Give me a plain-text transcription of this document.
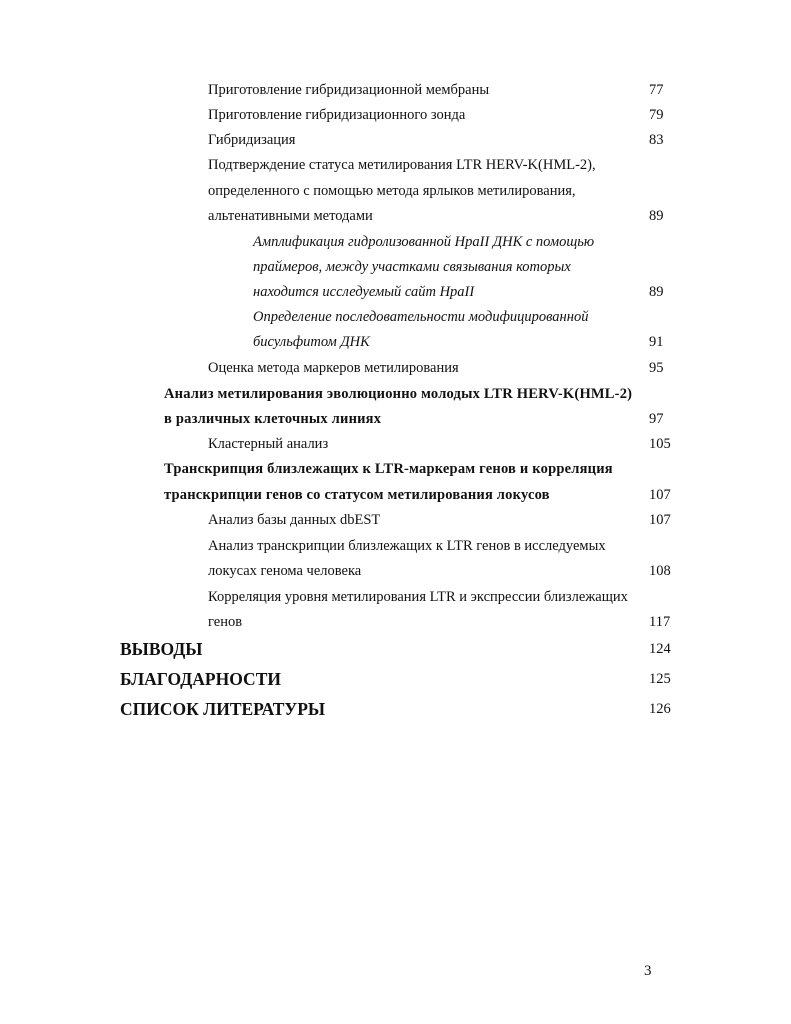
Приготовление гибридизационной мембраны	77
Приготовление гибридизационного зонда	79
Гибридизация	83
Подтверждение статуса метилирования LTR HERV-K(HML-2),
определенного с помощью метода ярлыков метилирования,
альтенативными методами	89
Амплификация гидролизованной HpaII ДНК с помощью
праймеров, между участками связывания которых
находится исследуемый сайт HpaII	89
Определение последовательности модифицированной
бисульфитом ДНК	91
Оценка метода маркеров метилирования	95
Анализ метилирования эволюционно молодых LTR HERV-K(HML-2)
в различных клеточных линиях	97
Кластерный анализ	105
Транскрипция близлежащих к LTR-маркерам генов и корреляция
транскрипции генов со статусом метилирования локусов	107
Анализ базы данных dbEST	107
Анализ транскрипции близлежащих к LTR генов в исследуемых
локусах генома человека	108
Корреляция уровня метилирования LTR и экспрессии близлежащих
генов	117
ВЫВОДЫ	124
БЛАГОДАРНОСТИ	125
СПИСОК ЛИТЕРАТУРЫ	126
3
